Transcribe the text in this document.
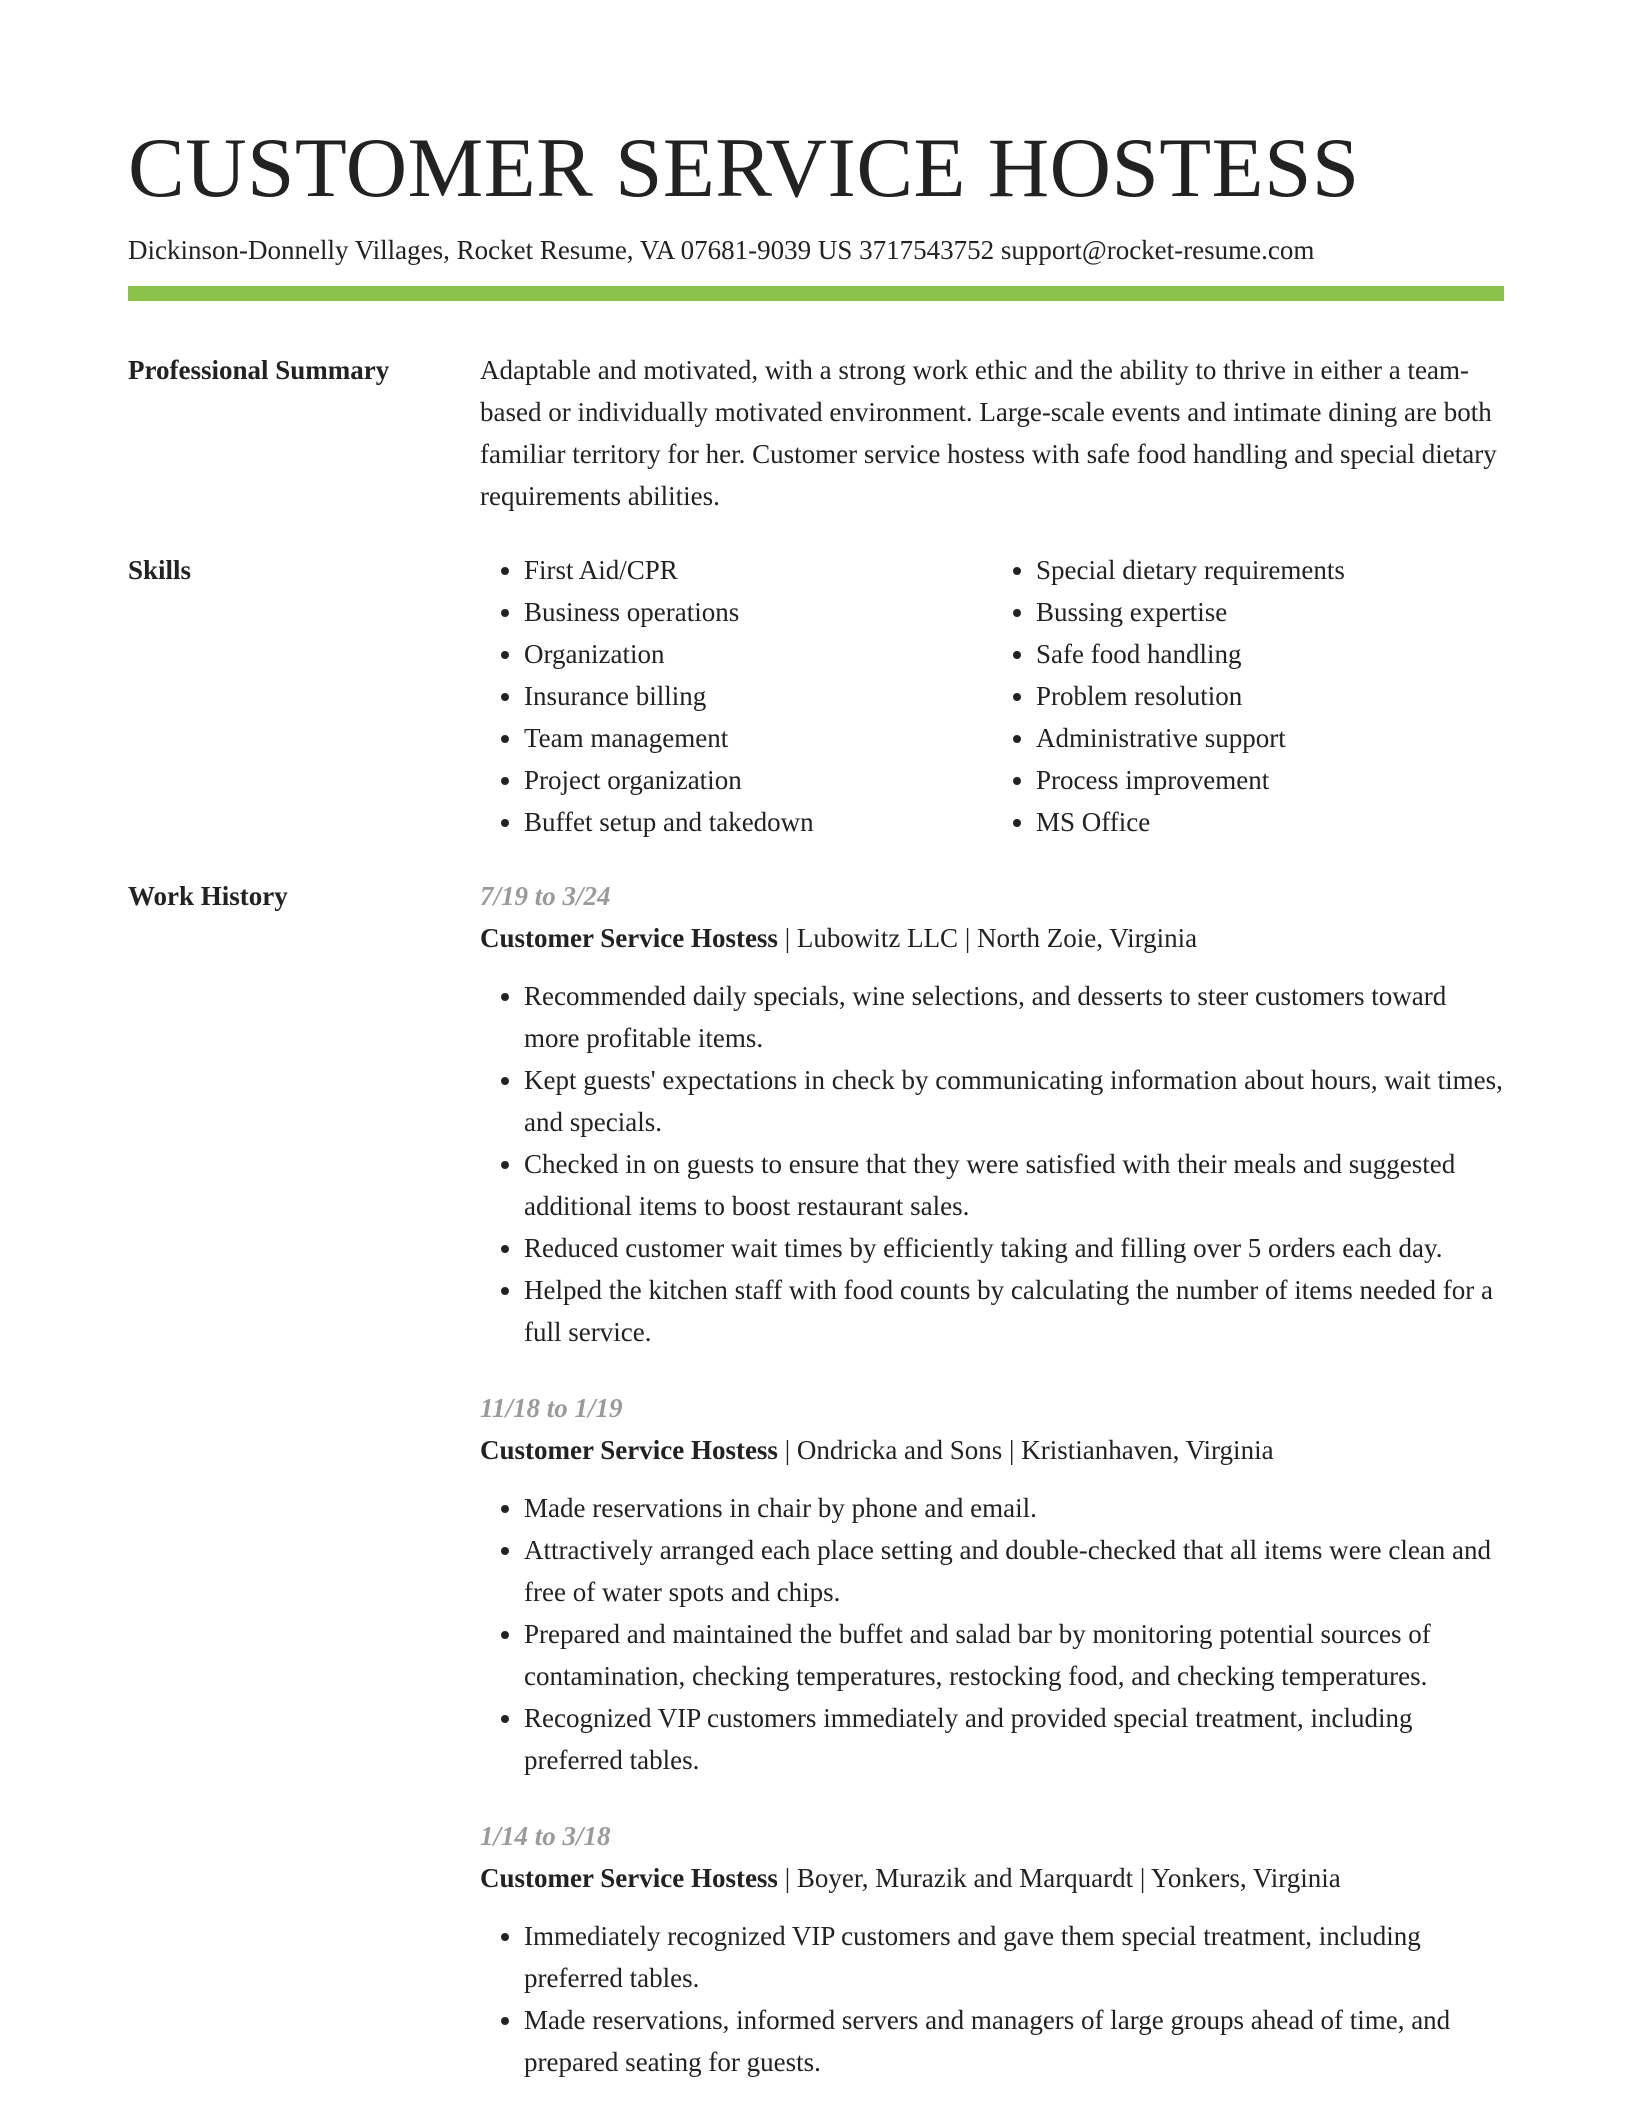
CUSTOMER SERVICE HOSTESS
Dickinson-Donnelly Villages, Rocket Resume, VA 07681-9039 US 3717543752 support@rocket-resume.com
Professional Summary	Adaptable and motivated, with a strong work ethic and the ability to thrive in either a team-based or individually motivated environment. Large-scale events and intimate dining are both familiar territory for her. Customer service hostess with safe food handling and special dietary requirements abilities.

Skills
•	First Aid/CPR
• Business operations
• Organization
• Insurance billing
• Team management
• Project organization
• Buffet setup and takedown
• Special dietary requirements
• Bussing expertise
• Safe food handling
• Problem resolution
• Administrative support
• Process improvement
• MS Office
Work History	7/19 to 3/24
Customer Service Hostess | Lubowitz LLC | North Zoie, Virginia
• Recommended daily specials, wine selections, and desserts to steer customers toward more profitable items.
• Kept guests' expectations in check by communicating information about hours, wait times, and specials.
• Checked in on guests to ensure that they were satisfied with their meals and suggested additional items to boost restaurant sales.
• Reduced customer wait times by efficiently taking and filling over 5 orders each day.
• Helped the kitchen staff with food counts by calculating the number of items needed for a full service.
11/18 to 1/19
Customer Service Hostess | Ondricka and Sons | Kristianhaven, Virginia
• Made reservations in chair by phone and email.
• Attractively arranged each place setting and double-checked that all items were clean and free of water spots and chips.
• Prepared and maintained the buffet and salad bar by monitoring potential sources of contamination, checking temperatures, restocking food, and checking temperatures.
• Recognized VIP customers immediately and provided special treatment, including preferred tables.
1/14 to 3/18
Customer Service Hostess | Boyer, Murazik and Marquardt | Yonkers, Virginia
• Immediately recognized VIP customers and gave them special treatment, including preferred tables.
• Made reservations, informed servers and managers of large groups ahead of time, and prepared seating for guests.
